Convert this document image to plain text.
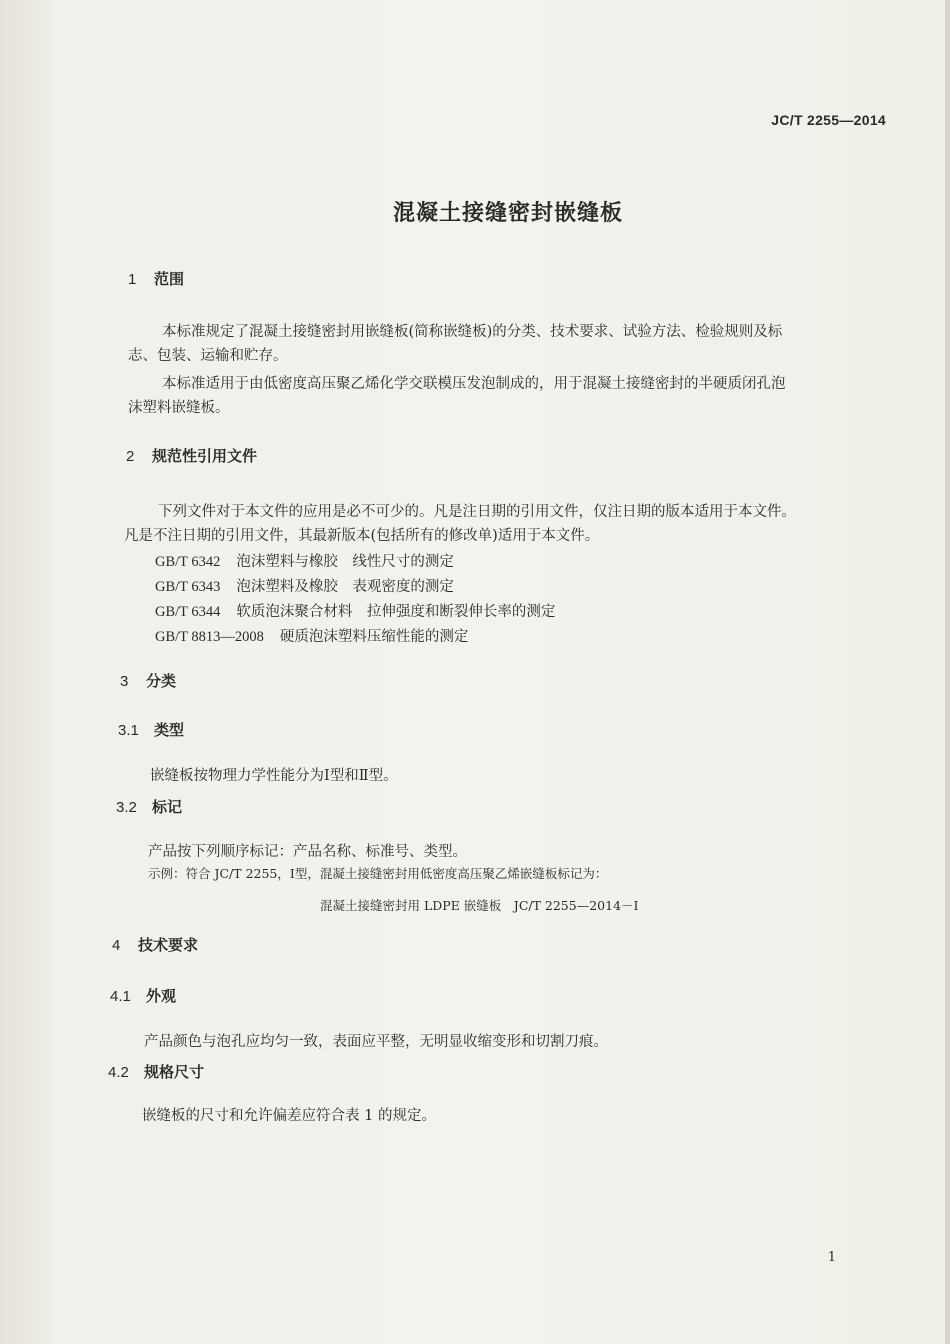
JC/T 2255—2014
混凝土接缝密封嵌缝板
1 范围
本标准规定了混凝土接缝密封用嵌缝板(简称嵌缝板)的分类、技术要求、试验方法、检验规则及标
志、包装、运输和贮存。
本标准适用于由低密度高压聚乙烯化学交联模压发泡制成的，用于混凝土接缝密封的半硬质闭孔泡
沫塑料嵌缝板。
2 规范性引用文件
下列文件对于本文件的应用是必不可少的。凡是注日期的引用文件，仅注日期的版本适用于本文件。
凡是不注日期的引用文件，其最新版本(包括所有的修改单)适用于本文件。
GB/T 6342 泡沫塑料与橡胶　线性尺寸的测定
GB/T 6343 泡沫塑料及橡胶　表观密度的测定
GB/T 6344 软质泡沫聚合材料　拉伸强度和断裂伸长率的测定
GB/T 8813—2008 硬质泡沫塑料压缩性能的测定
3 分类
3.1 类型
嵌缝板按物理力学性能分为Ⅰ型和Ⅱ型。
3.2 标记
产品按下列顺序标记：产品名称、标准号、类型。
示例：符合 JC/T 2255，Ⅰ型，混凝土接缝密封用低密度高压聚乙烯嵌缝板标记为：
混凝土接缝密封用 LDPE 嵌缝板　JC/T 2255—2014－Ⅰ
4 技术要求
4.1 外观
产品颜色与泡孔应均匀一致，表面应平整，无明显收缩变形和切割刀痕。
4.2 规格尺寸
嵌缝板的尺寸和允许偏差应符合表 1 的规定。
1
